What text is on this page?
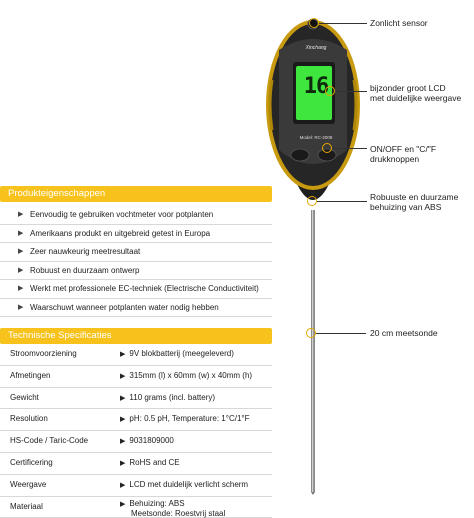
Xinchang
16
Model: RC-2008
Zonlicht sensor
bijzonder groot LCD
met duidelijke weergave
ON/OFF en "C/"F
drukknoppen
Robuuste en duurzame
behuizing van ABS
20 cm meetsonde
Produkteigenschappen
▶ Eenvoudig te gebruiken vochtmeter voor potplanten
▶ Amerikaans produkt en uitgebreid getest in Europa
▶ Zeer nauwkeurig meetresultaat
▶ Robuust en duurzaam ontwerp
▶ Werkt met professionele EC-techniek (Electrische Conductiviteit)
▶ Waarschuwt wanneer potplanten water nodig hebben
Technische Specificaties
Stroomvoorziening	▶ 9V blokbatterij (meegeleverd)
Afmetingen	▶ 315mm (l) x 60mm (w) x 40mm (h)
Gewicht	▶ 110 grams (incl. battery)
Resolution	▶ pH: 0.5 pH, Temperature: 1°C/1°F
HS-Code / Taric-Code	▶ 9031809000
Certificering	▶ RoHS and CE
Weergave	▶ LCD met duidelijk verlicht scherm
Materiaal	▶ Behuizing: ABS
Meetsonde: Roestvrij staal
